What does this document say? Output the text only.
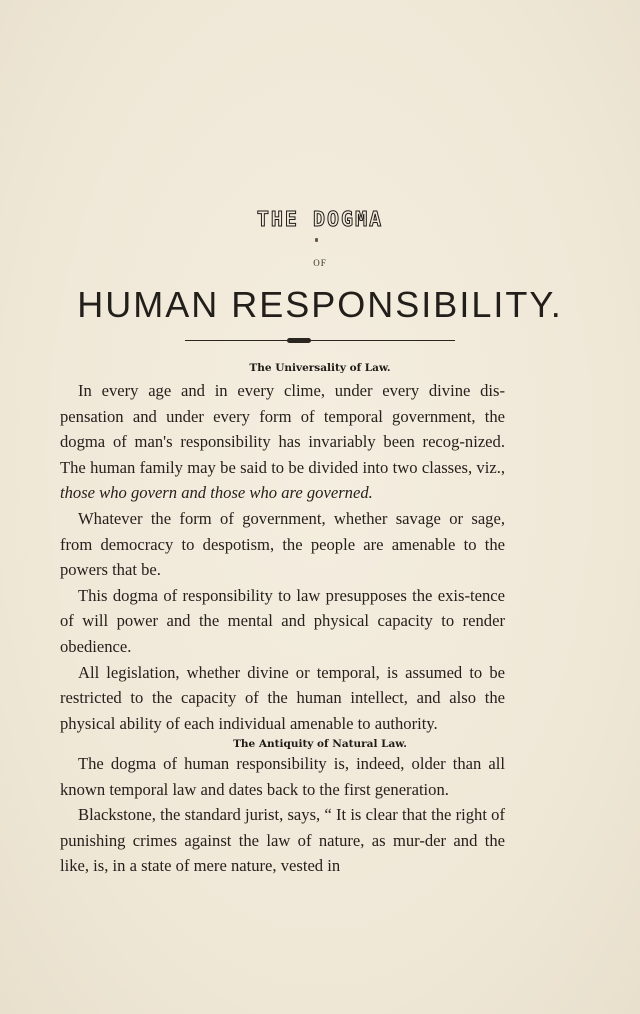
THE DOGMA
OF
HUMAN RESPONSIBILITY.
The Universality of Law.

In every age and in every clime, under every divine dis-pensation and under every form of temporal government, the dogma of man's responsibility has invariably been recog-nized. The human family may be said to be divided into two classes, viz., those who govern and those who are governed.

Whatever the form of government, whether savage or sage, from democracy to despotism, the people are amenable to the powers that be.

This dogma of responsibility to law presupposes the exis-tence of will power and the mental and physical capacity to render obedience.

All legislation, whether divine or temporal, is assumed to be restricted to the capacity of the human intellect, and also the physical ability of each individual amenable to authority.

The Antiquity of Natural Law.

The dogma of human responsibility is, indeed, older than all known temporal law and dates back to the first generation.

Blackstone, the standard jurist, says, “ It is clear that the right of punishing crimes against the law of nature, as mur-der and the like, is, in a state of mere nature, vested in
